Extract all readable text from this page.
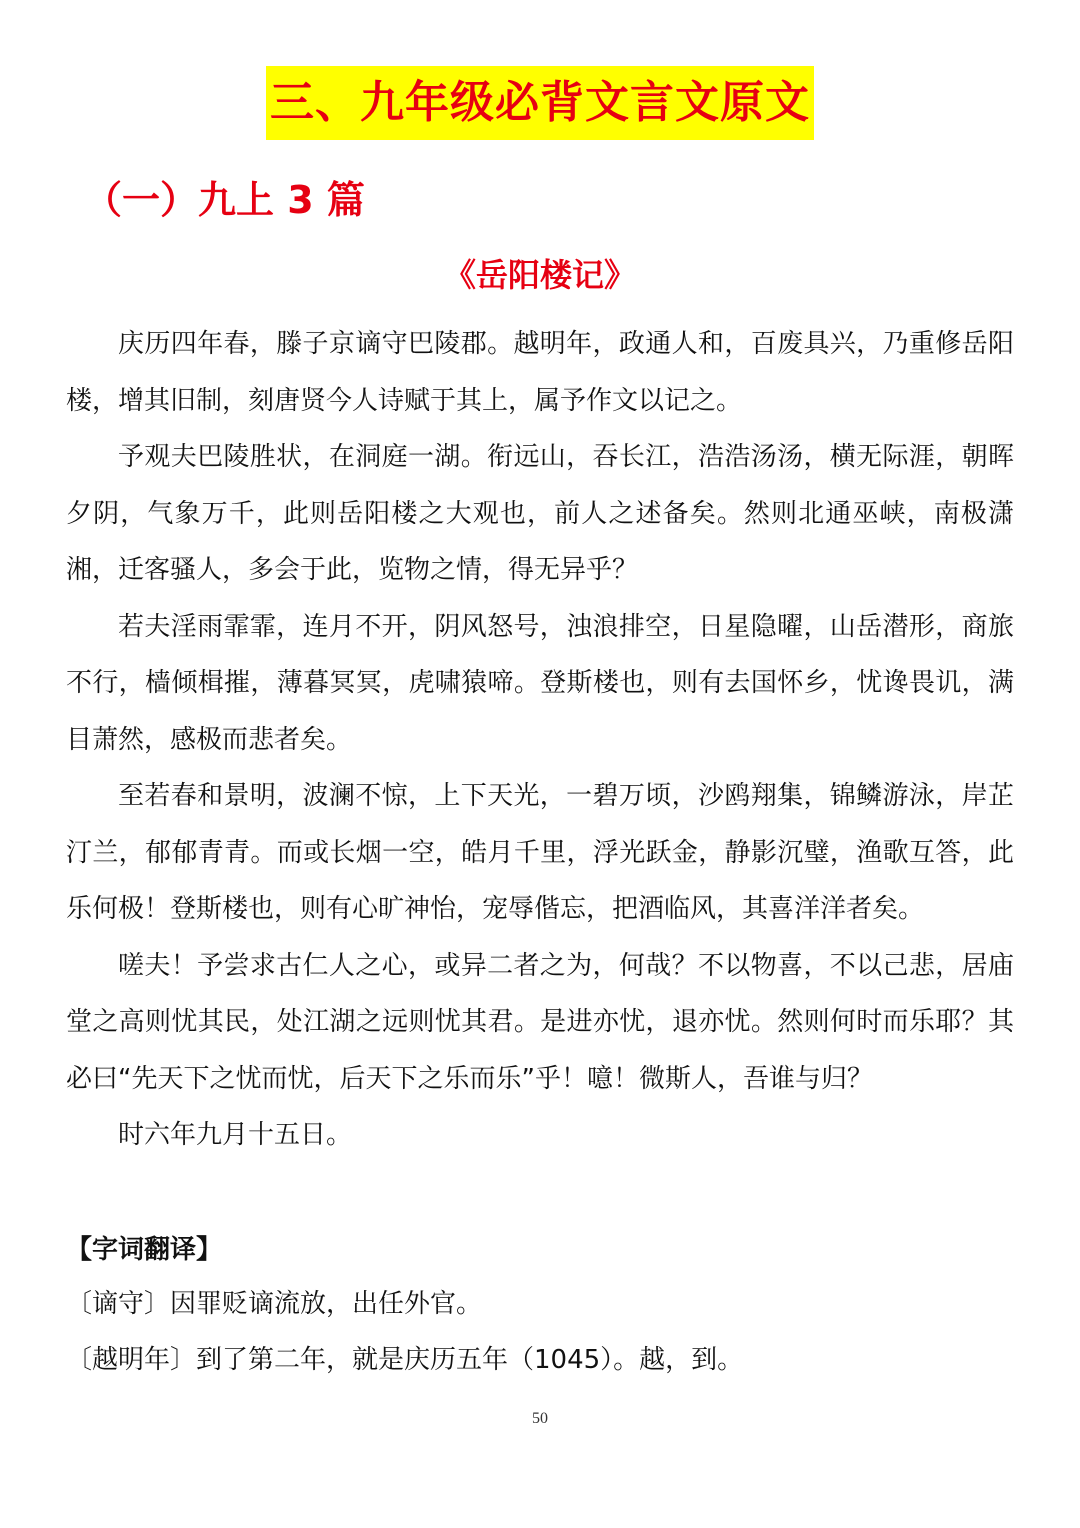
三、九年级必背文言文原文
（一）九上 3 篇
《岳阳楼记》

庆历四年春，滕子京谪守巴陵郡。越明年，政通人和，百废具兴，乃重修岳阳楼，增其旧制，刻唐贤今人诗赋于其上，属予作文以记之。

予观夫巴陵胜状，在洞庭一湖。衔远山，吞长江，浩浩汤汤，横无际涯，朝晖夕阴，气象万千，此则岳阳楼之大观也，前人之述备矣。然则北通巫峡，南极潇湘，迁客骚人，多会于此，览物之情，得无异乎？

若夫淫雨霏霏，连月不开，阴风怒号，浊浪排空，日星隐曜，山岳潜形，商旅不行，樯倾楫摧，薄暮冥冥，虎啸猿啼。登斯楼也，则有去国怀乡，忧谗畏讥，满目萧然，感极而悲者矣。

至若春和景明，波澜不惊，上下天光，一碧万顷，沙鸥翔集，锦鳞游泳，岸芷汀兰，郁郁青青。而或长烟一空，皓月千里，浮光跃金，静影沉璧，渔歌互答，此乐何极！登斯楼也，则有心旷神怡，宠辱偕忘，把酒临风，其喜洋洋者矣。

嗟夫！予尝求古仁人之心，或异二者之为，何哉？不以物喜，不以己悲，居庙堂之高则忧其民，处江湖之远则忧其君。是进亦忧，退亦忧。然则何时而乐耶？其必曰“先天下之忧而忧，后天下之乐而乐”乎！噫！微斯人，吾谁与归？

时六年九月十五日。

【字词翻译】

〔谪守〕因罪贬谪流放，出任外官。

〔越明年〕到了第二年，就是庆历五年（1045）。越，到。

50
